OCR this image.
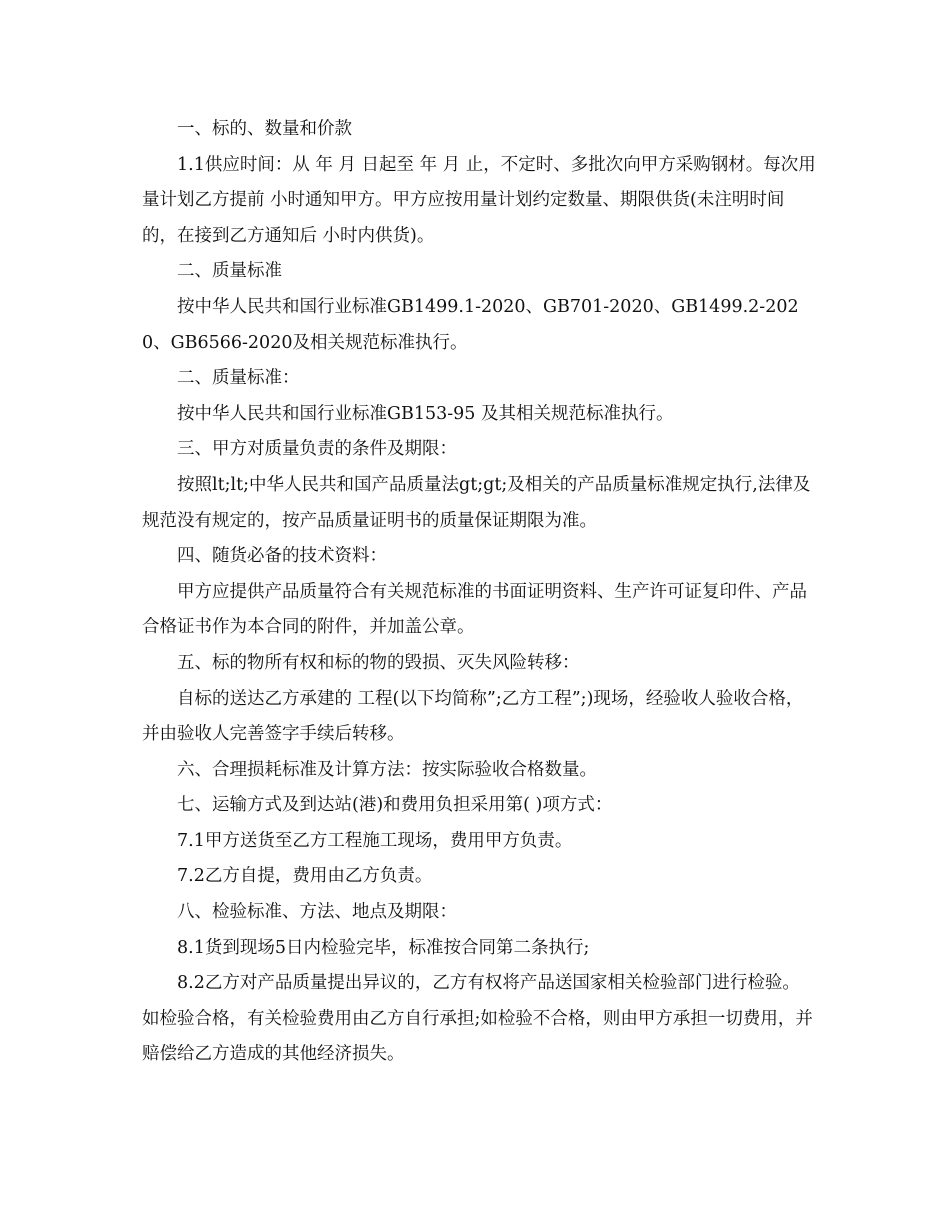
一、标的、数量和价款

1.1供应时间：从 年 月 日起至 年 月 止，不定时、多批次向甲方采购钢材。每次用量计划乙方提前 小时通知甲方。甲方应按用量计划约定数量、期限供货(未注明时间的，在接到乙方通知后 小时内供货)。

二、质量标准

按中华人民共和国行业标准GB1499.1-2020、GB701-2020、GB1499.2-2020、GB6566-2020及相关规范标准执行。

二、质量标准：

按中华人民共和国行业标准GB153-95 及其相关规范标准执行。

三、甲方对质量负责的条件及期限：

按照lt;lt;中华人民共和国产品质量法gt;gt;及相关的产品质量标准规定执行,法律及规范没有规定的，按产品质量证明书的质量保证期限为准。

四、随货必备的技术资料：

甲方应提供产品质量符合有关规范标准的书面证明资料、生产许可证复印件、产品合格证书作为本合同的附件，并加盖公章。

五、标的物所有权和标的物的毁损、灭失风险转移：

自标的送达乙方承建的 工程(以下均简称”;乙方工程”;)现场，经验收人验收合格，并由验收人完善签字手续后转移。

六、合理损耗标准及计算方法：按实际验收合格数量。

七、运输方式及到达站(港)和费用负担采用第( )项方式：

7.1甲方送货至乙方工程施工现场，费用甲方负责。

7.2乙方自提，费用由乙方负责。

八、检验标准、方法、地点及期限：

8.1货到现场5日内检验完毕，标准按合同第二条执行;

8.2乙方对产品质量提出异议的，乙方有权将产品送国家相关检验部门进行检验。如检验合格，有关检验费用由乙方自行承担;如检验不合格，则由甲方承担一切费用，并赔偿给乙方造成的其他经济损失。
